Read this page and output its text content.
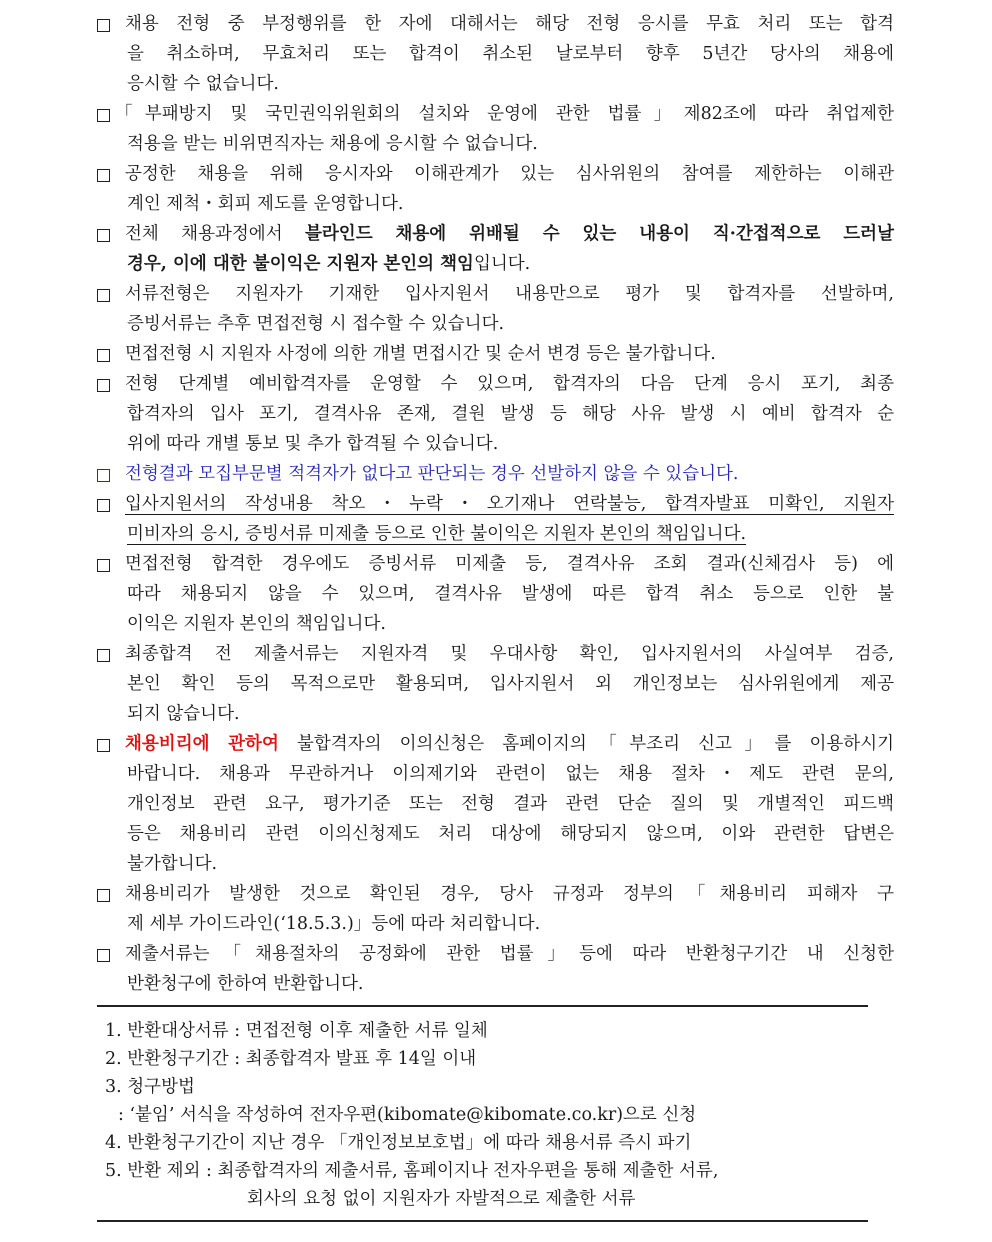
채용 전형 중 부정행위를 한 자에 대해서는 해당 전형 응시를 무효 처리 또는 합격
을 취소하며, 무효처리 또는 합격이 취소된 날로부터 향후 5년간 당사의 채용에
응시할 수 없습니다.
「부패방지 및 국민권익위원회의 설치와 운영에 관한 법률」제82조에 따라 취업제한
적용을 받는 비위면직자는 채용에 응시할 수 없습니다.
공정한 채용을 위해 응시자와 이해관계가 있는 심사위원의 참여를 제한하는 이해관
계인 제척・회피 제도를 운영합니다.
전체 채용과정에서 블라인드 채용에 위배될 수 있는 내용이 직·간접적으로 드러날
경우, 이에 대한 불이익은 지원자 본인의 책임입니다.
서류전형은 지원자가 기재한 입사지원서 내용만으로 평가 및 합격자를 선발하며,
증빙서류는 추후 면접전형 시 접수할 수 있습니다.
면접전형 시 지원자 사정에 의한 개별 면접시간 및 순서 변경 등은 불가합니다.
전형 단계별 예비합격자를 운영할 수 있으며, 합격자의 다음 단계 응시 포기, 최종
합격자의 입사 포기, 결격사유 존재, 결원 발생 등 해당 사유 발생 시 예비 합격자 순
위에 따라 개별 통보 및 추가 합격될 수 있습니다.
전형결과 모집부문별 적격자가 없다고 판단되는 경우 선발하지 않을 수 있습니다.
입사지원서의 작성내용 착오・누락・오기재나 연락불능, 합격자발표 미확인, 지원자
미비자의 응시, 증빙서류 미제출 등으로 인한 불이익은 지원자 본인의 책임입니다.
면접전형 합격한 경우에도 증빙서류 미제출 등, 결격사유 조회 결과(신체검사 등) 에
따라 채용되지 않을 수 있으며, 결격사유 발생에 따른 합격 취소 등으로 인한 불
이익은 지원자 본인의 책임입니다.
최종합격 전 제출서류는 지원자격 및 우대사항 확인, 입사지원서의 사실여부 검증,
본인 확인 등의 목적으로만 활용되며, 입사지원서 외 개인정보는 심사위원에게 제공
되지 않습니다.
채용비리에 관하여 불합격자의 이의신청은 홈페이지의「부조리 신고」를 이용하시기
바랍니다. 채용과 무관하거나 이의제기와 관련이 없는 채용 절차・제도 관련 문의,
개인정보 관련 요구, 평가기준 또는 전형 결과 관련 단순 질의 및 개별적인 피드백
등은 채용비리 관련 이의신청제도 처리 대상에 해당되지 않으며, 이와 관련한 답변은
불가합니다.
채용비리가 발생한 것으로 확인된 경우, 당사 규정과 정부의「채용비리 피해자 구
제 세부 가이드라인(‘18.5.3.)」등에 따라 처리합니다.
제출서류는「채용절차의 공정화에 관한 법률」등에 따라 반환청구기간 내 신청한
반환청구에 한하여 반환합니다.
1. 반환대상서류 : 면접전형 이후 제출한 서류 일체
2. 반환청구기간 : 최종합격자 발표 후 14일 이내
3. 청구방법
: ‘붙임’ 서식을 작성하여 전자우편(kibomate@kibomate.co.kr)으로 신청
4. 반환청구기간이 지난 경우 「개인정보보호법」에 따라 채용서류 즉시 파기
5. 반환 제외 : 최종합격자의 제출서류, 홈페이지나 전자우편을 통해 제출한 서류,
회사의 요청 없이 지원자가 자발적으로 제출한 서류
